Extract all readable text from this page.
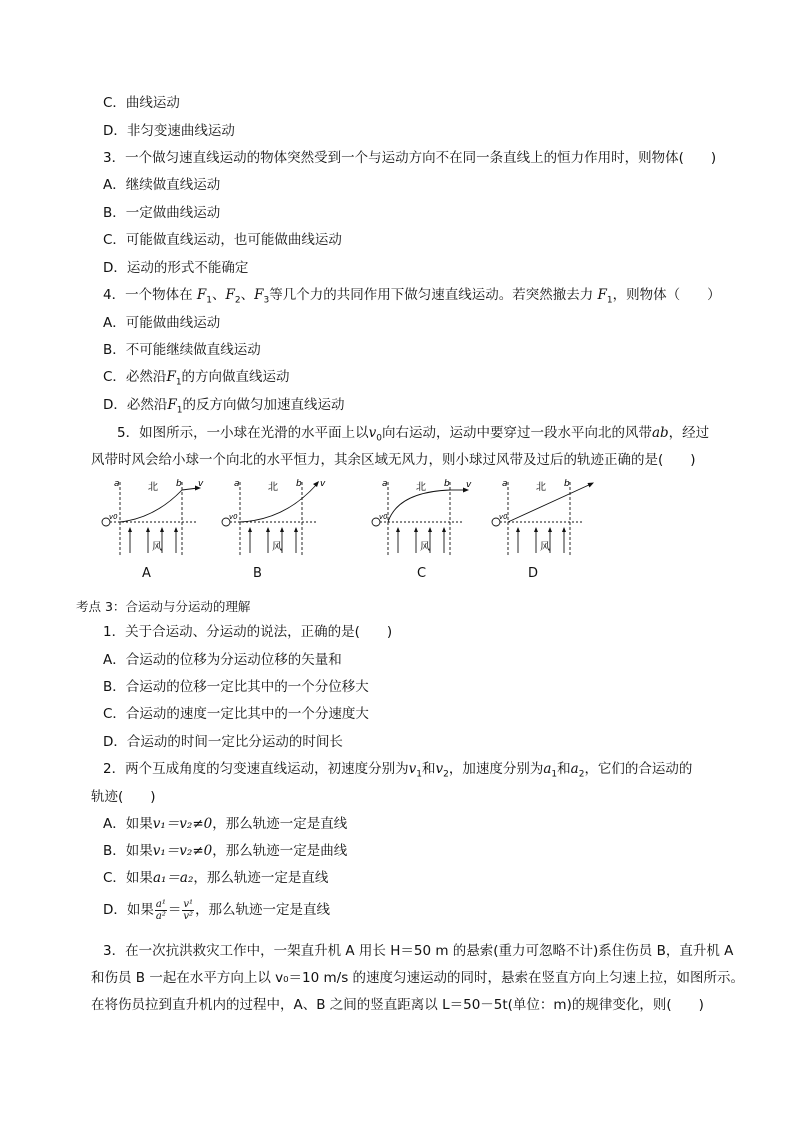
C．曲线运动
D．非匀变速曲线运动
3．一个做匀速直线运动的物体突然受到一个与运动方向不在同一条直线上的恒力作用时，则物体(　　)
A．继续做直线运动
B．一定做曲线运动
C．可能做直线运动，也可能做曲线运动
D．运动的形式不能确定
4．一个物体在 $F_1$、$F_2$、$F_3$等几个力的共同作用下做匀速直线运动。若突然撤去力 $F_1$，则物体（　　）
A．可能做曲线运动
B．不可能继续做直线运动
C．必然沿$F_1$的方向做直线运动
D．必然沿$F_1$的反方向做匀加速直线运动
5．如图所示，一小球在光滑的水平面上以$v_0$向右运动，运动中要穿过一段水平向北的风带ab，经过
风带时风会给小球一个向北的水平恒力，其余区域无风力，则小球过风带及过后的轨迹正确的是(　　)
a	b v
北
v0
风
a	b v
北
v0
风
a	b v
北
v0
风
a	b
北
v0
风
A	B	C	D
考点 3：合运动与分运动的理解
1．关于合运动、分运动的说法，正确的是(　　)
A．合运动的位移为分运动位移的矢量和
B．合运动的位移一定比其中的一个分位移大
C．合运动的速度一定比其中的一个分速度大
D．合运动的时间一定比分运动的时间长
2．两个互成角度的匀变速直线运动，初速度分别为$v_1$和$v_2$，加速度分别为$a_1$和$a_2$，它们的合运动的
轨迹(　　)
A．如果v₁＝v₂≠0，那么轨迹一定是直线
B．如果v₁＝v₂≠0，那么轨迹一定是曲线
C．如果a₁＝a₂，那么轨迹一定是直线
D．如果 $\frac{\text{a¹}}{\text{a²}} = \frac{\text{v¹}}{\text{v²}}$ ，那么轨迹一定是直线
3．在一次抗洪救灾工作中，一架直升机 A 用长 H＝50 m 的悬索(重力可忽略不计)系住伤员 B，直升机 A
和伤员 B 一起在水平方向上以 v₀＝10 m/s 的速度匀速运动的同时，悬索在竖直方向上匀速上拉，如图所示。
在将伤员拉到直升机内的过程中，A、B 之间的竖直距离以 L＝50－5t(单位：m)的规律变化，则(　　)
